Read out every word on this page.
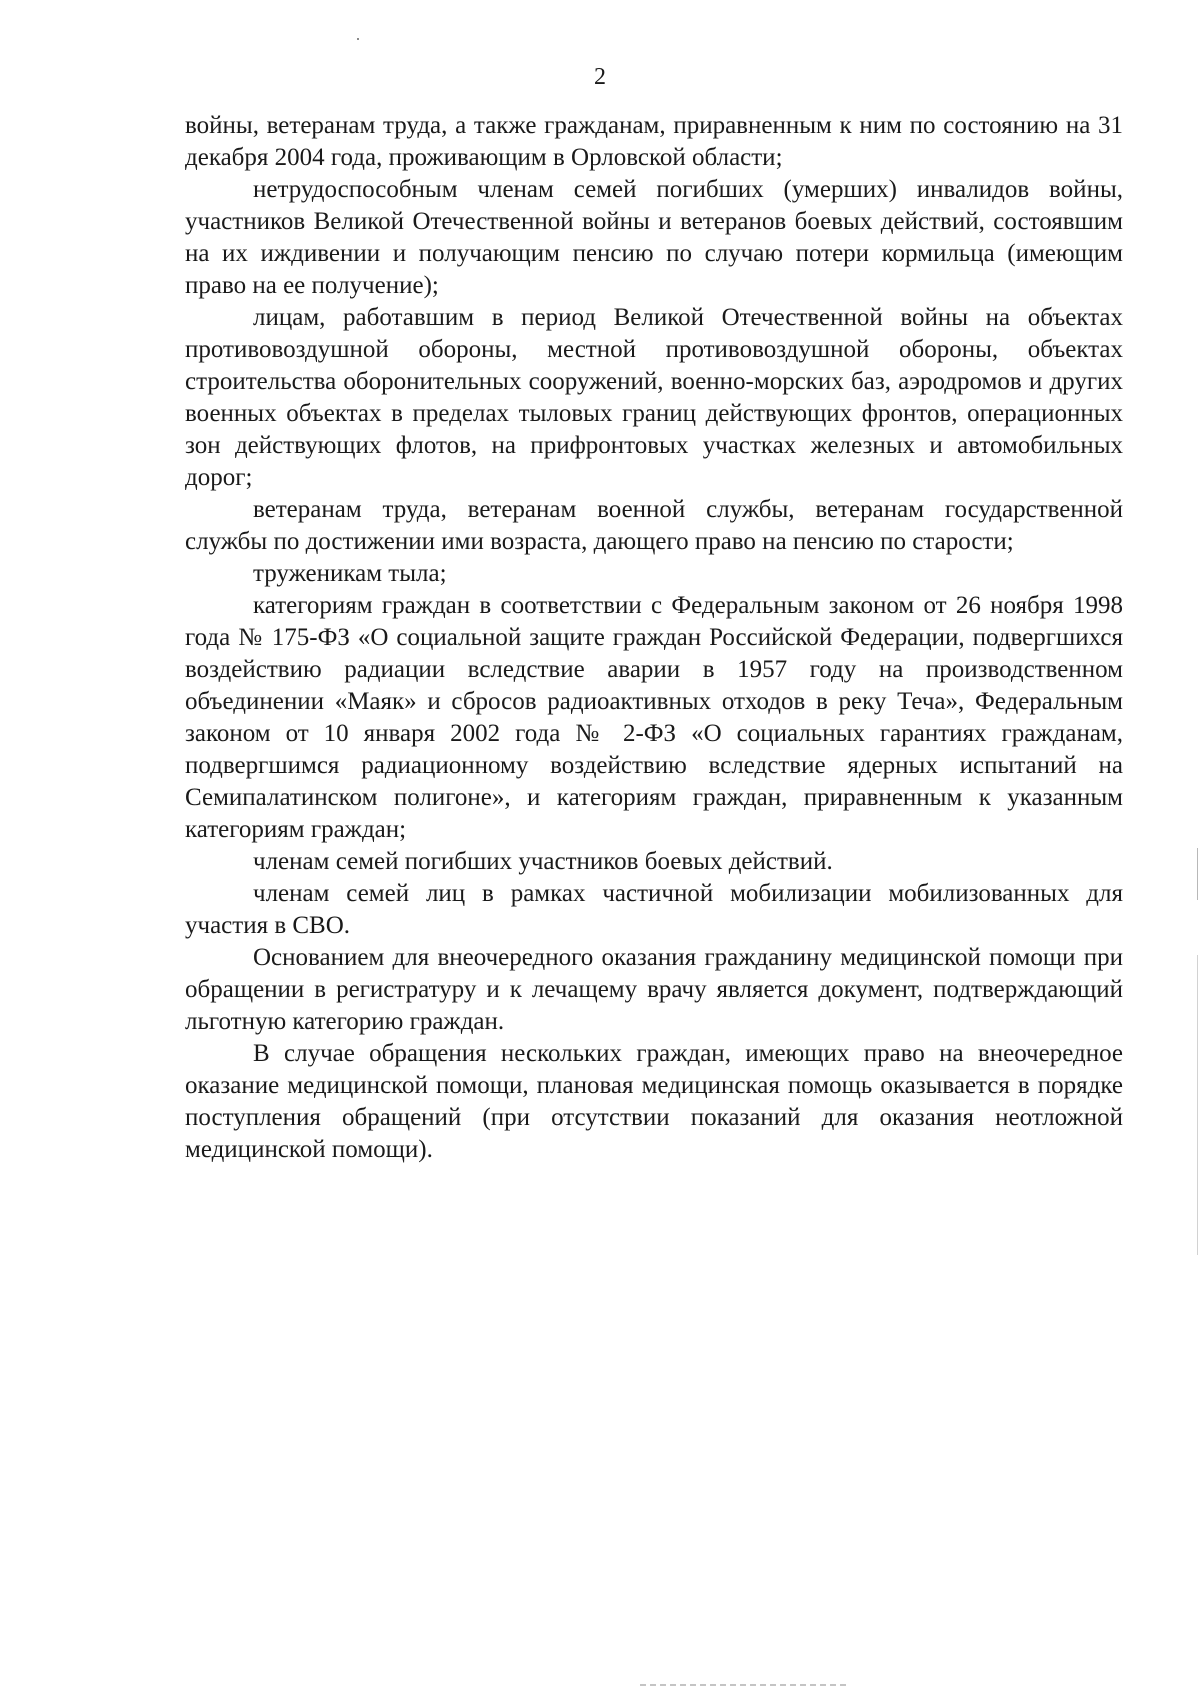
2

войны, ветеранам труда, а также гражданам, приравненным к ним по состоянию на 31 декабря 2004 года, проживающим в Орловской области;

нетрудоспособным членам семей погибших (умерших) инвалидов войны, участников Великой Отечественной войны и ветеранов боевых действий, состоявшим на их иждивении и получающим пенсию по случаю потери кормильца (имеющим право на ее получение);

лицам, работавшим в период Великой Отечественной войны на объектах противовоздушной обороны, местной противовоздушной обороны, объектах строительства оборонительных сооружений, военно-морских баз, аэродромов и других военных объектах в пределах тыловых границ действующих фронтов, операционных зон действующих флотов, на прифронтовых участках железных и автомобильных дорог;

ветеранам труда, ветеранам военной службы, ветеранам государственной службы по достижении ими возраста, дающего право на пенсию по старости;

труженикам тыла;

категориям граждан в соответствии с Федеральным законом от 26 ноября 1998 года № 175-ФЗ «О социальной защите граждан Российской Федерации, подвергшихся воздействию радиации вследствие аварии в 1957 году на производственном объединении «Маяк» и сбросов радиоактивных отходов в реку Теча», Федеральным законом от 10 января 2002 года № 2-ФЗ «О социальных гарантиях гражданам, подвергшимся радиационному воздействию вследствие ядерных испытаний на Семипалатинском полигоне», и категориям граждан, приравненным к указанным категориям граждан;

членам семей погибших участников боевых действий.

членам семей лиц в рамках частичной мобилизации мобилизованных для участия в СВО.

Основанием для внеочередного оказания гражданину медицинской помощи при обращении в регистратуру и к лечащему врачу является документ, подтверждающий льготную категорию граждан.

В случае обращения нескольких граждан, имеющих право на внеочередное оказание медицинской помощи, плановая медицинская помощь оказывается в порядке поступления обращений (при отсутствии показаний для оказания неотложной медицинской помощи).
